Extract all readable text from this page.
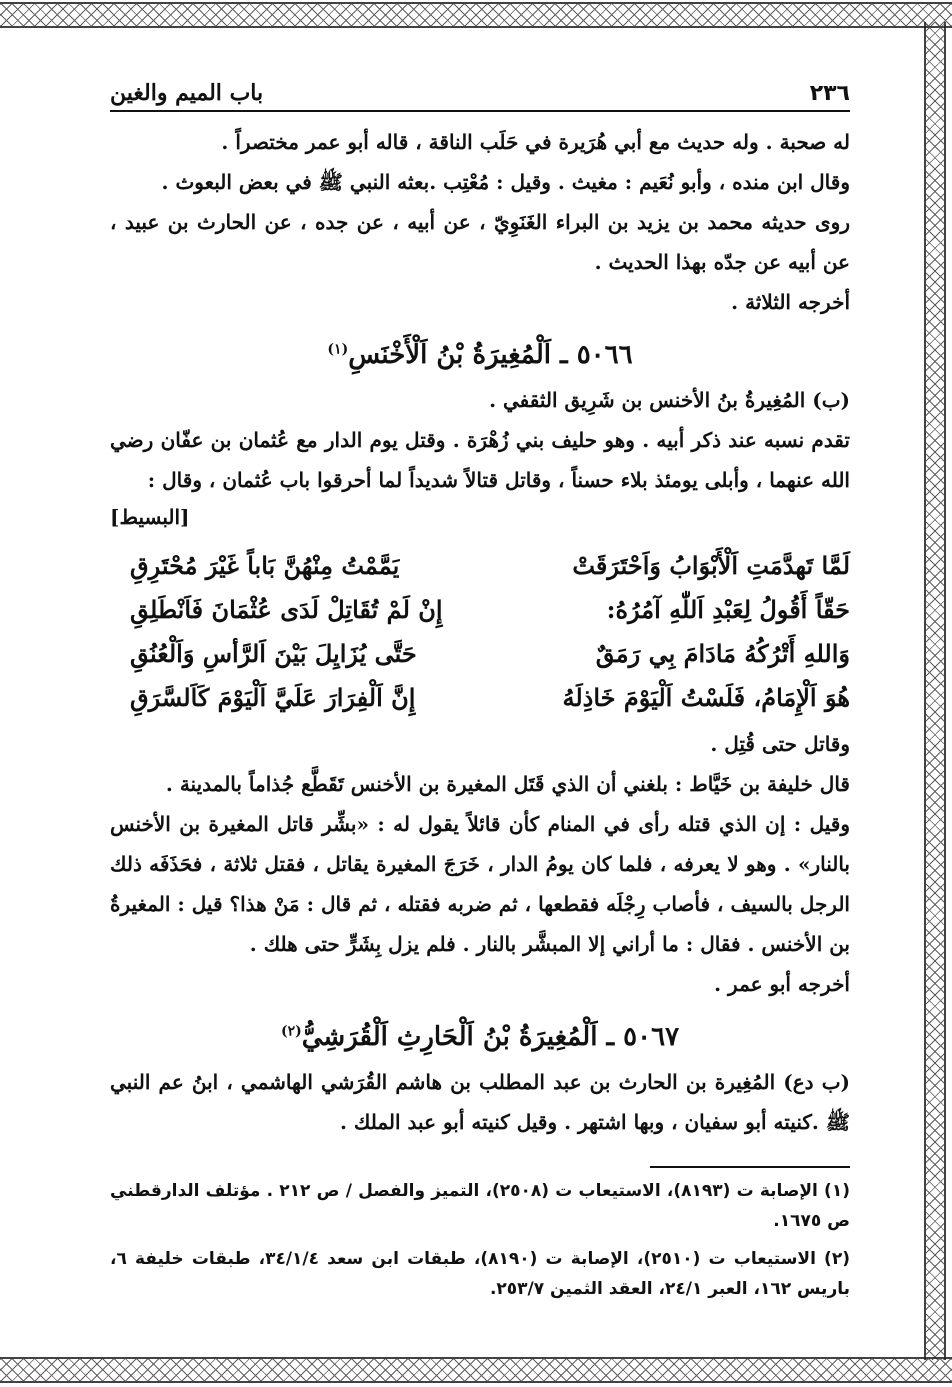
٢٣٦
باب الميم والغين

له صحبة . وله حديث مع أبي هُرَيرة في حَلَب الناقة ، قاله أبو عمر مختصراً .

وقال ابن منده ، وأبو نُعَيم : مغيث . وقيل : مُعْتِب .بعثه النبي ﷺ في بعض البعوث .

روى حديثه محمد بن يزيد بن البراء الغَنَوِيّ ، عن أبيه ، عن جده ، عن الحارث بن عبيد ، عن أبيه عن جدّه بهذا الحديث .

أخرجه الثلاثة .

٥٠٦٦ ـ اَلْمُغِيرَةُ بْنُ اَلْأَخْنَسِ$^{(١)}$

(ب) المُغِيرةُ بنُ الأخنس بن شَرِيق الثقفي .

تقدم نسبه عند ذكر أبيه . وهو حليف بني زُهْرَة . وقتل يوم الدار مع عُثمان بن عفّان رضي الله عنهما ، وأبلى يومئذ بلاء حسناً ، وقاتل قتالاً شديداً لما أحرقوا باب عُثمان ، وقال :

[البسيط]
لَمَّا تَهدَّمَتِ اَلْأَبْوَابُ وَاَحْتَرَقَتْ
يَمَّمْتُ مِنْهُنَّ بَاباً غَيْرَ مُحْتَرِقِ
حَقّاً أَقُولُ لِعَبْدِ اَللّٰهِ آمُرُهُ:
إِنْ لَمْ تُقَاتِلْ لَدَى عُثْمَانَ فَاَنْطَلِقِ
وَاللهِ أَتْرُكُهُ مَادَامَ بِي رَمَقٌ
حَتَّى يُزَايِلَ بَيْنَ اَلرَّأسِ وَاَلْعُنُقِ
هُوَ اَلْإِمَامُ، فَلَسْتُ اَلْيَوْمَ خَاذِلَهُ
إِنَّ اَلْفِرَارَ عَلَيَّ اَلْيَوْمَ كَاَلسَّرَقِ

وقاتل حتى قُتِل .

قال خليفة بن خَيَّاط : بلغني أن الذي قَتَل المغيرة بن الأخنس تَقَطَّع جُذاماً بالمدينة .

وقيل : إن الذي قتله رأى في المنام كأن قائلاً يقول له : «بشِّر قاتل المغيرة بن الأخنس بالنار» . وهو لا يعرفه ، فلما كان يومُ الدار ، خَرَجَ المغيرة يقاتل ، فقتل ثلاثة ، فحَذَفَه ذلك الرجل بالسيف ، فأصاب رِجْلَه فقطعها ، ثم ضربه فقتله ، ثم قال : مَنْ هذا؟ قيل : المغيرةُ بن الأخنس . فقال : ما أراني إلا المبشَّر بالنار . فلم يزل بِشَرٍّ حتى هلك .

أخرجه أبو عمر .

٥٠٦٧ ـ اَلْمُغِيرَةُ بْنُ اَلْحَارِثِ اَلْقُرَشِيُّ$^{(٢)}$

(ب دع) المُغِيرة بن الحارث بن عبد المطلب بن هاشم القُرَشي الهاشمي ، ابنُ عم النبي ﷺ .كنيته أبو سفيان ، وبها اشتهر . وقيل كنيته أبو عبد الملك .

(١) الإصابة ت (٨١٩٣)، الاستيعاب ت (٢٥٠٨)، التميز والفصل / ص ٢١٢ . مؤتلف الدارقطني ص ١٦٧٥.

(٢) الاستيعاب ت (٢٥١٠)، الإصابة ت (٨١٩٠)، طبقات ابن سعد ٣٤/١/٤، طبقات خليفة ٦، باريس ١٦٢، العبر ٢٤/١، العقد الثمين ٢٥٣/٧.
